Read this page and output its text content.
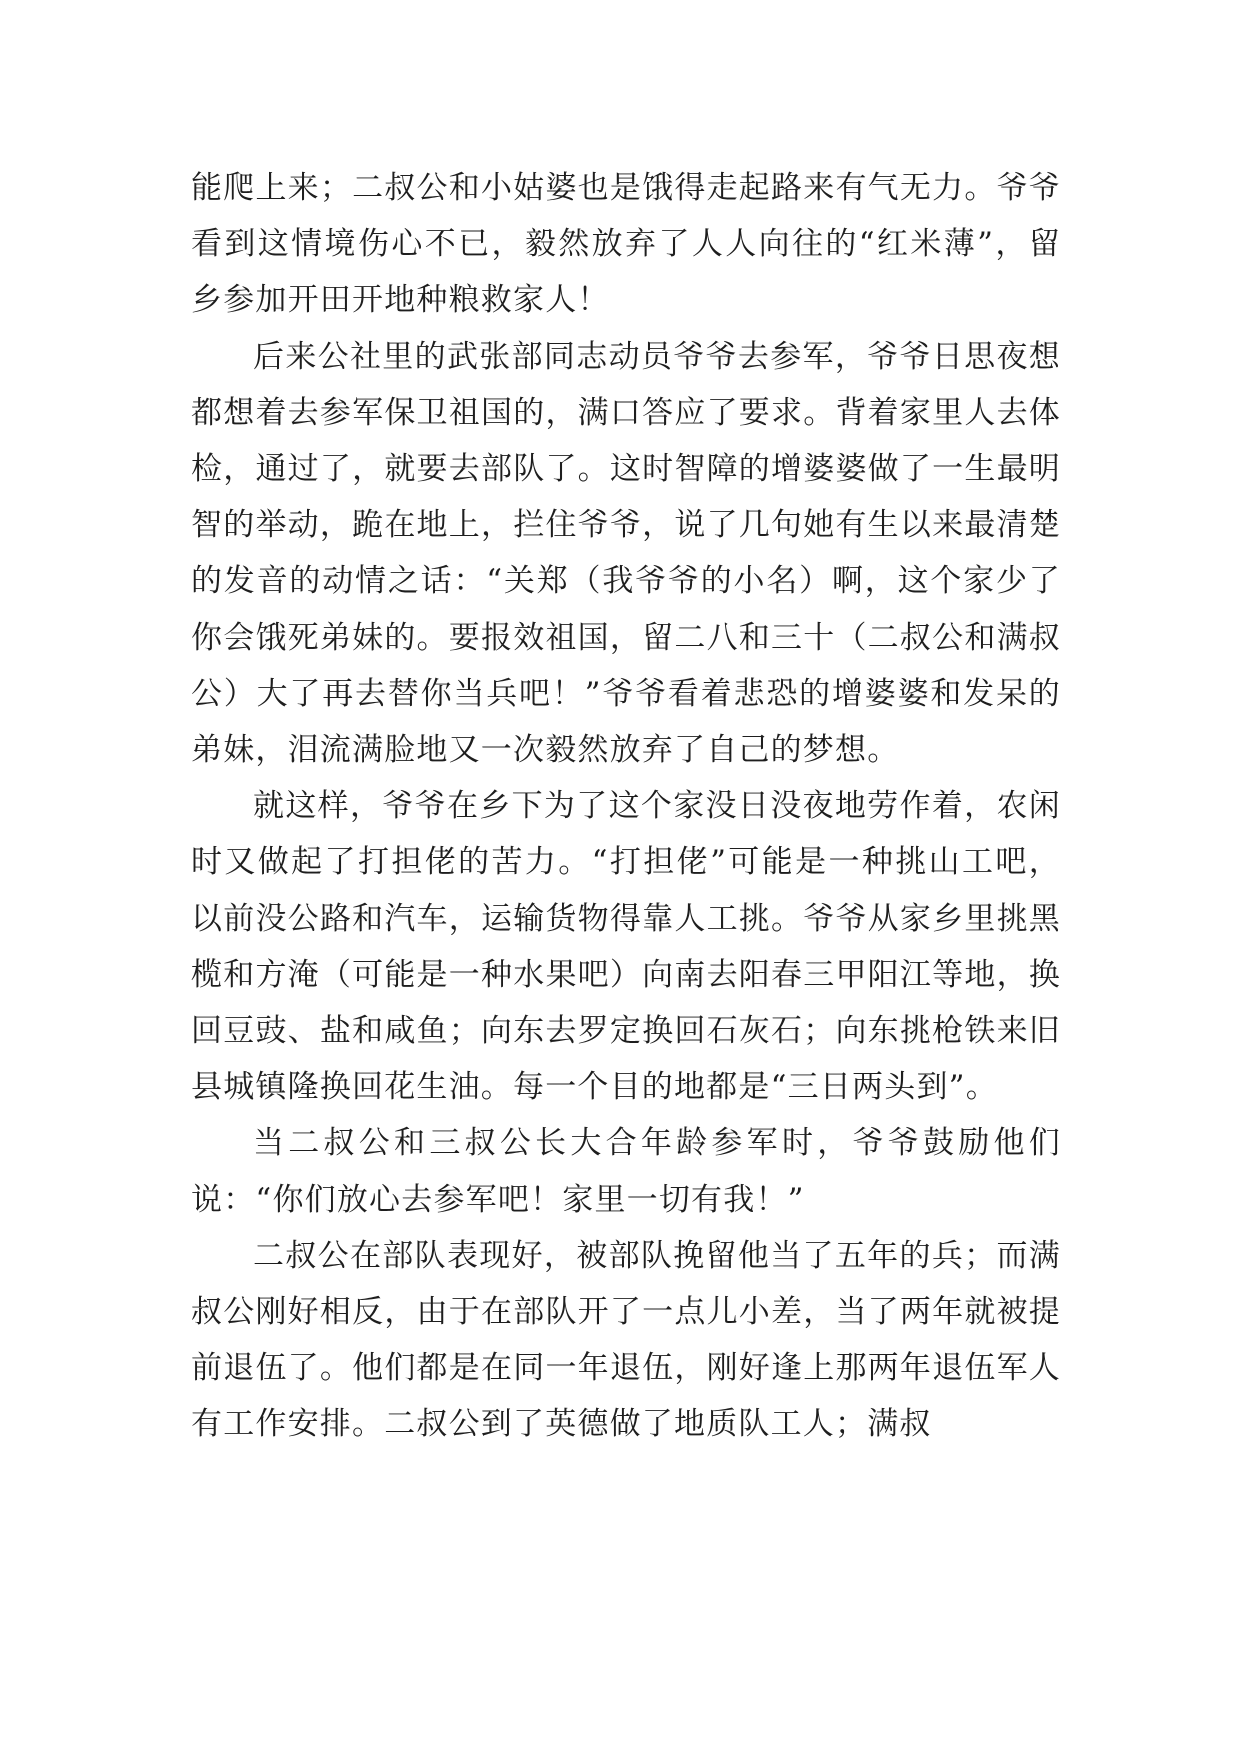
能爬上来；二叔公和小姑婆也是饿得走起路来有气无力。爷爷看到这情境伤心不已，毅然放弃了人人向往的“红米薄”，留乡参加开田开地种粮救家人！

后来公社里的武张部同志动员爷爷去参军，爷爷日思夜想都想着去参军保卫祖国的，满口答应了要求。背着家里人去体检，通过了，就要去部队了。这时智障的增婆婆做了一生最明智的举动，跪在地上，拦住爷爷，说了几句她有生以来最清楚的发音的动情之话：“关郑（我爷爷的小名）啊，这个家少了你会饿死弟妹的。要报效祖国，留二八和三十（二叔公和满叔公）大了再去替你当兵吧！”爷爷看着悲恐的增婆婆和发呆的弟妹，泪流满脸地又一次毅然放弃了自己的梦想。

就这样，爷爷在乡下为了这个家没日没夜地劳作着，农闲时又做起了打担佬的苦力。“打担佬”可能是一种挑山工吧，以前没公路和汽车，运输货物得靠人工挑。爷爷从家乡里挑黑榄和方淹（可能是一种水果吧）向南去阳春三甲阳江等地，换回豆豉、盐和咸鱼；向东去罗定换回石灰石；向东挑枪铁来旧县城镇隆换回花生油。每一个目的地都是“三日两头到”。

当二叔公和三叔公长大合年龄参军时，爷爷鼓励他们说：“你们放心去参军吧！家里一切有我！”

二叔公在部队表现好，被部队挽留他当了五年的兵；而满叔公刚好相反，由于在部队开了一点儿小差，当了两年就被提前退伍了。他们都是在同一年退伍，刚好逢上那两年退伍军人有工作安排。二叔公到了英德做了地质队工人；满叔
